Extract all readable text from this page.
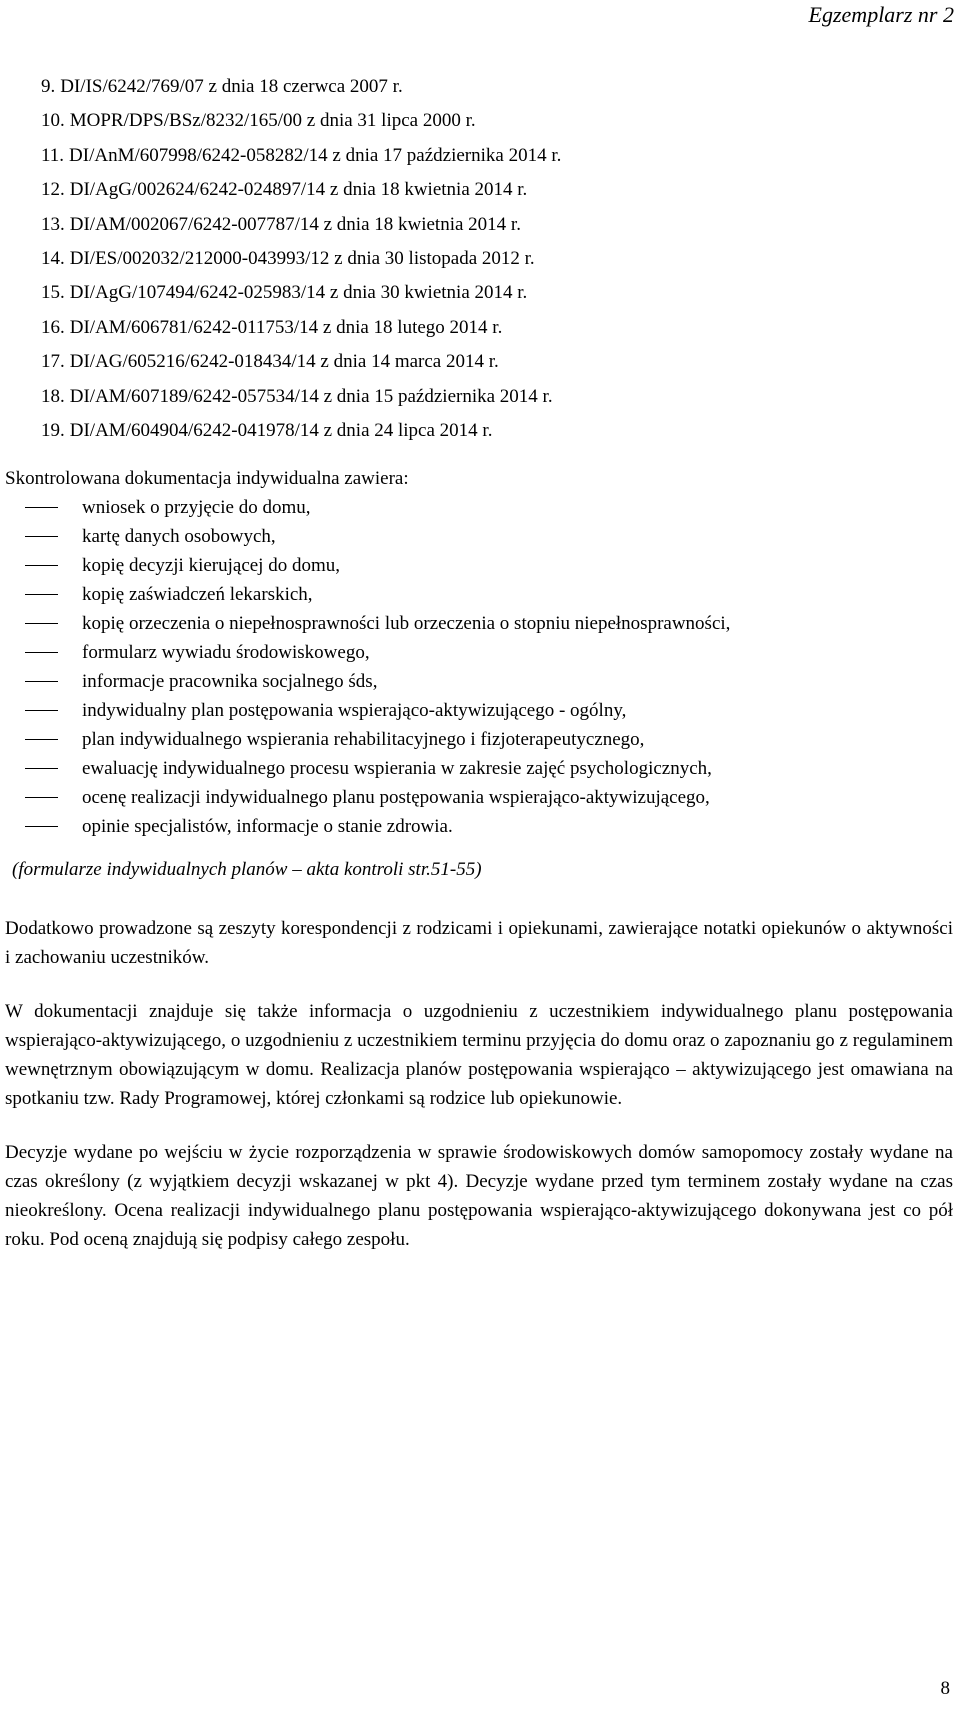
Egzemplarz nr 2
9. DI/IS/6242/769/07 z dnia 18 czerwca 2007 r.
10. MOPR/DPS/BSz/8232/165/00 z dnia 31 lipca 2000 r.
11. DI/AnM/607998/6242-058282/14 z dnia 17 października 2014 r.
12. DI/AgG/002624/6242-024897/14 z dnia 18 kwietnia 2014 r.
13. DI/AM/002067/6242-007787/14 z dnia 18 kwietnia 2014 r.
14. DI/ES/002032/212000-043993/12 z dnia 30 listopada 2012 r.
15. DI/AgG/107494/6242-025983/14 z dnia 30 kwietnia 2014 r.
16. DI/AM/606781/6242-011753/14 z dnia 18 lutego 2014 r.
17. DI/AG/605216/6242-018434/14 z dnia 14 marca 2014 r.
18. DI/AM/607189/6242-057534/14 z dnia 15 października 2014 r.
19. DI/AM/604904/6242-041978/14 z dnia 24 lipca 2014 r.
Skontrolowana dokumentacja indywidualna zawiera:
wniosek o przyjęcie do domu,
kartę danych osobowych,
kopię decyzji kierującej do domu,
kopię zaświadczeń lekarskich,
kopię orzeczenia o niepełnosprawności lub orzeczenia o stopniu niepełnosprawności,
formularz wywiadu środowiskowego,
informacje pracownika socjalnego śds,
indywidualny plan postępowania wspierająco-aktywizującego - ogólny,
plan indywidualnego wspierania rehabilitacyjnego i fizjoterapeutycznego,
ewaluację indywidualnego procesu wspierania w zakresie zajęć psychologicznych,
ocenę realizacji indywidualnego planu postępowania wspierająco-aktywizującego,
opinie specjalistów, informacje o stanie zdrowia.
(formularze indywidualnych planów – akta kontroli str.51-55)

Dodatkowo prowadzone są zeszyty korespondencji z rodzicami i opiekunami, zawierające notatki opiekunów o aktywności i zachowaniu uczestników.

W dokumentacji znajduje się także informacja o uzgodnieniu z uczestnikiem indywidualnego planu postępowania wspierająco-aktywizującego, o uzgodnieniu z uczestnikiem terminu przyjęcia do domu oraz o zapoznaniu go z regulaminem wewnętrznym obowiązującym w domu. Realizacja planów postępowania wspierająco – aktywizującego jest omawiana na spotkaniu tzw. Rady Programowej, której członkami są rodzice lub opiekunowie.

Decyzje wydane po wejściu w życie rozporządzenia w sprawie środowiskowych domów samopomocy zostały wydane na czas określony (z wyjątkiem decyzji wskazanej w pkt 4). Decyzje wydane przed tym terminem zostały wydane na czas nieokreślony. Ocena realizacji indywidualnego planu postępowania wspierająco-aktywizującego dokonywana jest co pół roku. Pod oceną znajdują się podpisy całego zespołu.

8
